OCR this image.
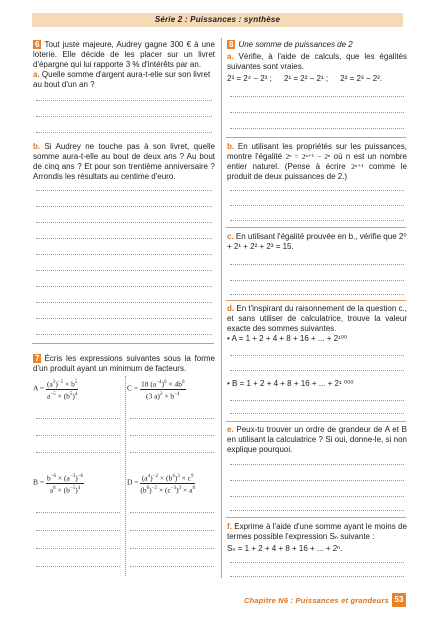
Série 2 : Puissances : synthèse
6 Tout juste majeure, Audrey gagne 300 € à une loterie. Elle décide de les placer sur un livret d'épargne qui lui rapporte 3 % d'intérêts par an.
a. Quelle somme d'argent aura-t-elle sur son livret au bout d'un an ?
b. Si Audrey ne touche pas à son livret, quelle somme aura-t-elle au bout de deux ans ? Au bout de cinq ans ? Et pour son trentième anniversaire ? Arrondis les résultats au centime d'euro.
7 Écris les expressions suivantes sous la forme d'un produit ayant un minimum de facteurs.
$A = \frac{(a^3)^{-5} \times b^5}{a^{-5} \times (b^5)^4}$	$C = \frac{18 (a^{-4})^6 \times 4b^6}{(3 a)^2 \times b^{-4}}$
$B = \frac{b^{-6} \times (a^{-3})^{-6}}{a^8 \times (b^{-5})^4}$	$D = \frac{(a^4)^{-2} \times (b^4)^3 \times c^9}{(b^6)^{-2} \times (c^{-3})^3 \times a^8}$
8 Une somme de puissances de 2
a. Vérifie, à l'aide de calculs, que les égalités suivantes sont vraies.
2³ = 2⁴ − 2³ ; 2¹ = 2² − 2¹ ; 2² = 2³ − 2².
b. En utilisant les propriétés sur les puissances, montre l'égalité 2ⁿ = 2ⁿ⁺¹ − 2ⁿ où n est un nombre entier naturel. (Pense à écrire 2ⁿ⁺¹ comme le produit de deux puissances de 2.)
c. En utilisant l'égalité prouvée en b., vérifie que 2⁰ + 2¹ + 2² + 2³ = 15.
d. En t'inspirant du raisonnement de la question c., et sans utiliser de calculatrice, trouve la valeur exacte des sommes suivantes.
• A = 1 + 2 + 4 + 8 + 16 + ... + 2¹⁰⁰
• B = 1 + 2 + 4 + 8 + 16 + ... + 2¹ ⁰⁰⁰
e. Peux-tu trouver un ordre de grandeur de A et B en utilisant la calculatrice ? Si oui, donne-le, si non explique pourquoi.
f. Exprime à l'aide d'une somme ayant le moins de termes possible l'expression Sₙ suivante :
Sₙ = 1 + 2 + 4 + 8 + 16 + ... + 2ⁿ.
Chapitre N6 : Puissances et grandeurs 53
